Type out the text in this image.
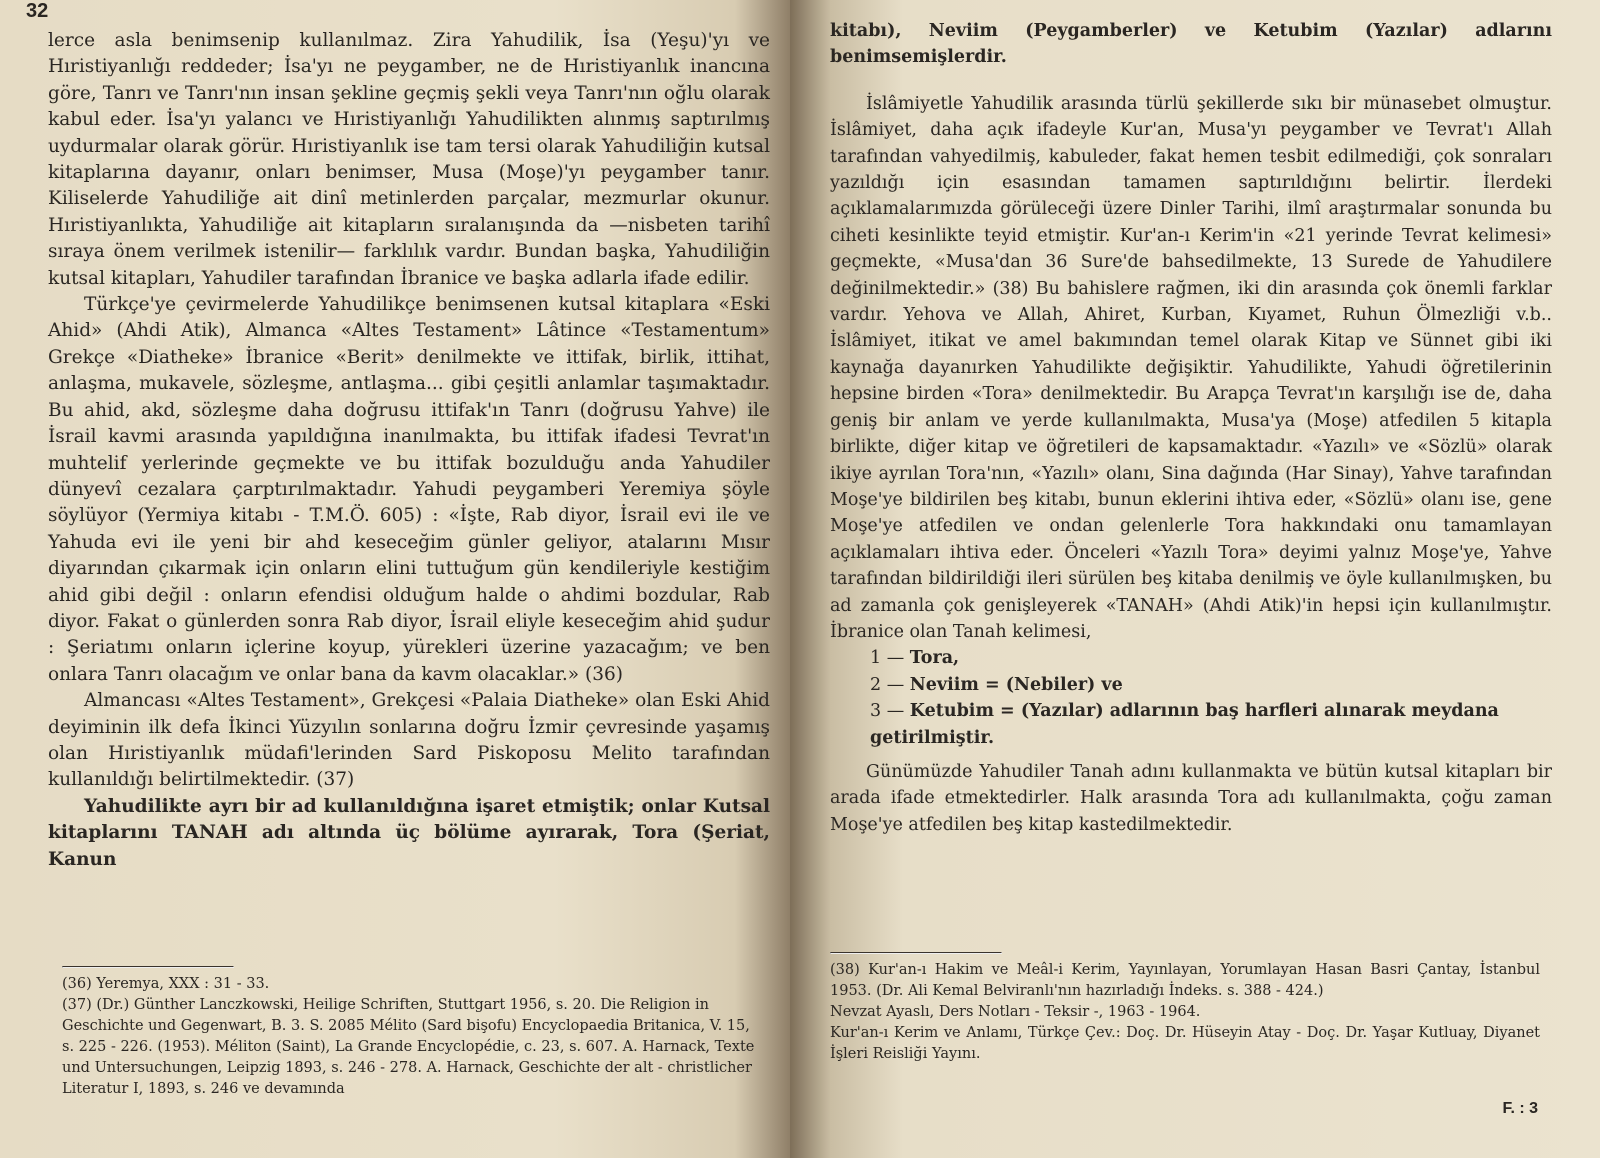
32

lerce asla benimsenip kullanılmaz. Zira Yahudilik, İsa (Yeşu)'yı ve Hıristiyanlığı reddeder; İsa'yı ne peygamber, ne de Hıristiyanlık inancına göre, Tanrı ve Tanrı'nın insan şekline geçmiş şekli veya Tanrı'nın oğlu olarak kabul eder. İsa'yı yalancı ve Hıristiyanlığı Yahudilikten alınmış saptırılmış uydurmalar olarak görür. Hıristiyanlık ise tam tersi olarak Yahudiliğin kutsal kitaplarına dayanır, onları benimser, Musa (Moşe)'yı peygamber tanır. Kiliselerde Yahudiliğe ait dinî metinlerden parçalar, mezmurlar okunur. Hıristiyanlıkta, Yahudiliğe ait kitapların sıralanışında da —nisbeten tarihî sıraya önem verilmek istenilir— farklılık vardır. Bundan başka, Yahudiliğin kutsal kitapları, Yahudiler tarafından İbranice ve başka adlarla ifade edilir.

Türkçe'ye çevirmelerde Yahudilikçe benimsenen kutsal kitaplara «Eski Ahid» (Ahdi Atik), Almanca «Altes Testament» Lâtince «Testamentum» Grekçe «Diatheke» İbranice «Berit» denilmekte ve ittifak, birlik, ittihat, anlaşma, mukavele, sözleşme, antlaşma... gibi çeşitli anlamlar taşımaktadır. Bu ahid, akd, sözleşme daha doğrusu ittifak'ın Tanrı (doğrusu Yahve) ile İsrail kavmi arasında yapıldığına inanılmakta, bu ittifak ifadesi Tevrat'ın muhtelif yerlerinde geçmekte ve bu ittifak bozulduğu anda Yahudiler dünyevî cezalara çarptırılmaktadır. Yahudi peygamberi Yeremiya şöyle söylüyor (Yermiya kitabı - T.M.Ö. 605) : «İşte, Rab diyor, İsrail evi ile ve Yahuda evi ile yeni bir ahd keseceğim günler geliyor, atalarını Mısır diyarından çıkarmak için onların elini tuttuğum gün kendileriyle kestiğim ahid gibi değil : onların efendisi olduğum halde o ahdimi bozdular, Rab diyor. Fakat o günlerden sonra Rab diyor, İsrail eliyle keseceğim ahid şudur : Şeriatımı onların içlerine koyup, yürekleri üzerine yazacağım; ve ben onlara Tanrı olacağım ve onlar bana da kavm olacaklar.» (36)

Almancası «Altes Testament», Grekçesi «Palaia Diatheke» olan Eski Ahid deyiminin ilk defa İkinci Yüzyılın sonlarına doğru İzmir çevresinde yaşamış olan Hıristiyanlık müdafi'lerinden Sard Piskoposu Melito tarafından kullanıldığı belirtilmektedir. (37)

Yahudilikte ayrı bir ad kullanıldığına işaret etmiştik; onlar Kutsal kitaplarını TANAH adı altında üç bölüme ayırarak, Tora (Şeriat, Kanun

(36) Yeremya, XXX : 31 - 33.

(37) (Dr.) Günther Lanczkowski, Heilige Schriften, Stuttgart 1956, s. 20. Die Religion in Geschichte und Gegenwart, B. 3. S. 2085 Mélito (Sard bişofu) Encyclopaedia Britanica, V. 15, s. 225 - 226. (1953). Méliton (Saint), La Grande Encyclopédie, c. 23, s. 607. A. Harnack, Texte und Untersuchungen, Leipzig 1893, s. 246 - 278. A. Harnack, Geschichte der alt - christlicher Literatur I, 1893, s. 246 ve devamında

kitabı), Neviim (Peygamberler) ve Ketubim (Yazılar) adlarını benimsemişlerdir.

İslâmiyetle Yahudilik arasında türlü şekillerde sıkı bir münasebet olmuştur. İslâmiyet, daha açık ifadeyle Kur'an, Musa'yı peygamber ve Tevrat'ı Allah tarafından vahyedilmiş, kabuleder, fakat hemen tesbit edilmediği, çok sonraları yazıldığı için esasından tamamen saptırıldığını belirtir. İlerdeki açıklamalarımızda görüleceği üzere Dinler Tarihi, ilmî araştırmalar sonunda bu ciheti kesinlikte teyid etmiştir. Kur'an-ı Kerim'in «21 yerinde Tevrat kelimesi» geçmekte, «Musa'dan 36 Sure'de bahsedilmekte, 13 Surede de Yahudilere değinilmektedir.» (38) Bu bahislere rağmen, iki din arasında çok önemli farklar vardır. Yehova ve Allah, Ahiret, Kurban, Kıyamet, Ruhun Ölmezliği v.b.. İslâmiyet, itikat ve amel bakımından temel olarak Kitap ve Sünnet gibi iki kaynağa dayanırken Yahudilikte değişiktir. Yahudilikte, Yahudi öğretilerinin hepsine birden «Tora» denilmektedir. Bu Arapça Tevrat'ın karşılığı ise de, daha geniş bir anlam ve yerde kullanılmakta, Musa'ya (Moşe) atfedilen 5 kitapla birlikte, diğer kitap ve öğretileri de kapsamaktadır. «Yazılı» ve «Sözlü» olarak ikiye ayrılan Tora'nın, «Yazılı» olanı, Sina dağında (Har Sinay), Yahve tarafından Moşe'ye bildirilen beş kitabı, bunun eklerini ihtiva eder, «Sözlü» olanı ise, gene Moşe'ye atfedilen ve ondan gelenlerle Tora hakkındaki onu tamamlayan açıklamaları ihtiva eder. Önceleri «Yazılı Tora» deyimi yalnız Moşe'ye, Yahve tarafından bildirildiği ileri sürülen beş kitaba denilmiş ve öyle kullanılmışken, bu ad zamanla çok genişleyerek «TANAH» (Ahdi Atik)'in hepsi için kullanılmıştır. İbranice olan Tanah kelimesi,

1 — Tora,
2 — Neviim = (Nebiler) ve
3 — Ketubim = (Yazılar) adlarının baş harfleri alınarak meydana getirilmiştir.

Günümüzde Yahudiler Tanah adını kullanmakta ve bütün kutsal kitapları bir arada ifade etmektedirler. Halk arasında Tora adı kullanılmakta, çoğu zaman Moşe'ye atfedilen beş kitap kastedilmektedir.

(38) Kur'an-ı Hakim ve Meâl-i Kerim, Yayınlayan, Yorumlayan Hasan Basri Çantay, İstanbul 1953. (Dr. Ali Kemal Belviranlı'nın hazırladığı İndeks. s. 388 - 424.)

Nevzat Ayaslı, Ders Notları - Teksir -, 1963 - 1964.

Kur'an-ı Kerim ve Anlamı, Türkçe Çev.: Doç. Dr. Hüseyin Atay - Doç. Dr. Yaşar Kutluay, Diyanet İşleri Reisliği Yayını.

F. : 3
